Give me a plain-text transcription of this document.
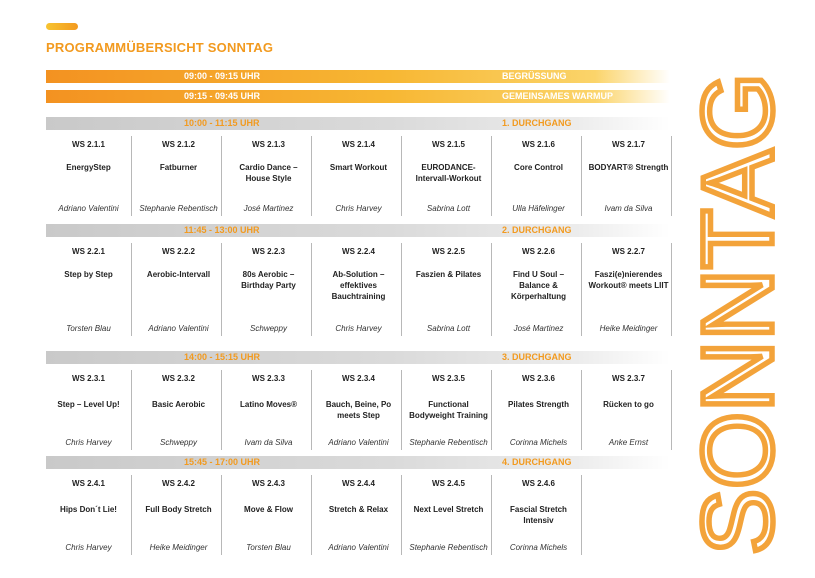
PROGRAMMÜBERSICHT SONNTAG
SONNTAG
09:00 - 09:15 UHR	BEGRÜSSUNG
09:15 - 09:45 UHR	GEMEINSAMES WARMUP
10:00 - 11:15 UHR	1. DURCHGANG
WS 2.1.1
EnergyStep
Adriano Valentini
WS 2.1.2
Fatburner
Stephanie Rebentisch
WS 2.1.3
Cardio Dance – House Style
José Martinez
WS 2.1.4
Smart Workout
Chris Harvey
WS 2.1.5
EURODANCE-Intervall-Workout
Sabrina Lott
WS 2.1.6
Core Control
Ulla Häfelinger
WS 2.1.7
BODYART® Strength
Ivam da Silva
11:45 - 13:00 UHR	2. DURCHGANG
WS 2.2.1
Step by Step
Torsten Blau
WS 2.2.2
Aerobic-Intervall
Adriano Valentini
WS 2.2.3
80s Aerobic – Birthday Party
Schweppy
WS 2.2.4
Ab-Solution – effektives Bauchtraining
Chris Harvey
WS 2.2.5
Faszien & Pilates
Sabrina Lott
WS 2.2.6
Find U Soul – Balance & Körperhaltung
José Martinez
WS 2.2.7
Faszi(e)nierendes Workout® meets LIIT
Heike Meidinger
14:00 - 15:15 UHR	3. DURCHGANG
WS 2.3.1
Step – Level Up!
Chris Harvey
WS 2.3.2
Basic Aerobic
Schweppy
WS 2.3.3
Latino Moves®
Ivam da Silva
WS 2.3.4
Bauch, Beine, Po meets Step
Adriano Valentini
WS 2.3.5
Functional Bodyweight Training
Stephanie Rebentisch
WS 2.3.6
Pilates Strength
Corinna Michels
WS 2.3.7
Rücken to go
Anke Ernst
15:45 - 17:00 UHR	4. DURCHGANG
WS 2.4.1
Hips Don´t Lie!
Chris Harvey
WS 2.4.2
Full Body Stretch
Heike Meidinger
WS 2.4.3
Move & Flow
Torsten Blau
WS 2.4.4
Stretch & Relax
Adriano Valentini
WS 2.4.5
Next Level Stretch
Stephanie Rebentisch
WS 2.4.6
Fascial Stretch Intensiv
Corinna Michels
